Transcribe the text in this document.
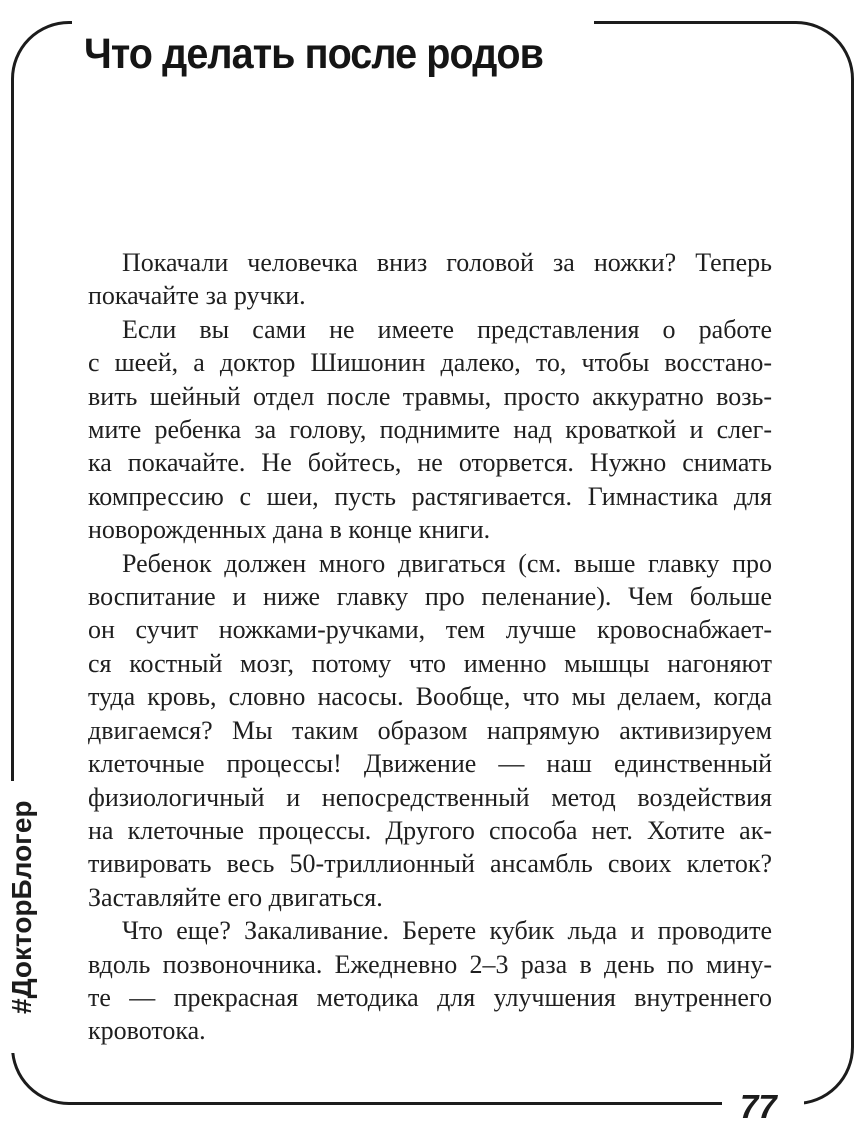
Что делать после родов
#ДокторБлогер
Покачали человечка вниз головой за ножки? Теперь
покачайте за ручки.
Если вы сами не имеете представления о работе
с шеей, а доктор Шишонин далеко, то, чтобы восстано-
вить шейный отдел после травмы, просто аккуратно возь-
мите ребенка за голову, поднимите над кроваткой и слег-
ка покачайте. Не бойтесь, не оторвется. Нужно снимать
компрессию с шеи, пусть растягивается. Гимнастика для
новорожденных дана в конце книги.
Ребенок должен много двигаться (см. выше главку про
воспитание и ниже главку про пеленание). Чем больше
он сучит ножками-ручками, тем лучше кровоснабжает-
ся костный мозг, потому что именно мышцы нагоняют
туда кровь, словно насосы. Вообще, что мы делаем, когда
двигаемся? Мы таким образом напрямую активизируем
клеточные процессы! Движение — наш единственный
физиологичный и непосредственный метод воздействия
на клеточные процессы. Другого способа нет. Хотите ак-
тивировать весь 50-триллионный ансамбль своих клеток?
Заставляйте его двигаться.
Что еще? Закаливание. Берете кубик льда и проводите
вдоль позвоночника. Ежедневно 2–3 раза в день по мину-
те — прекрасная методика для улучшения внутреннего
кровотока.
77
